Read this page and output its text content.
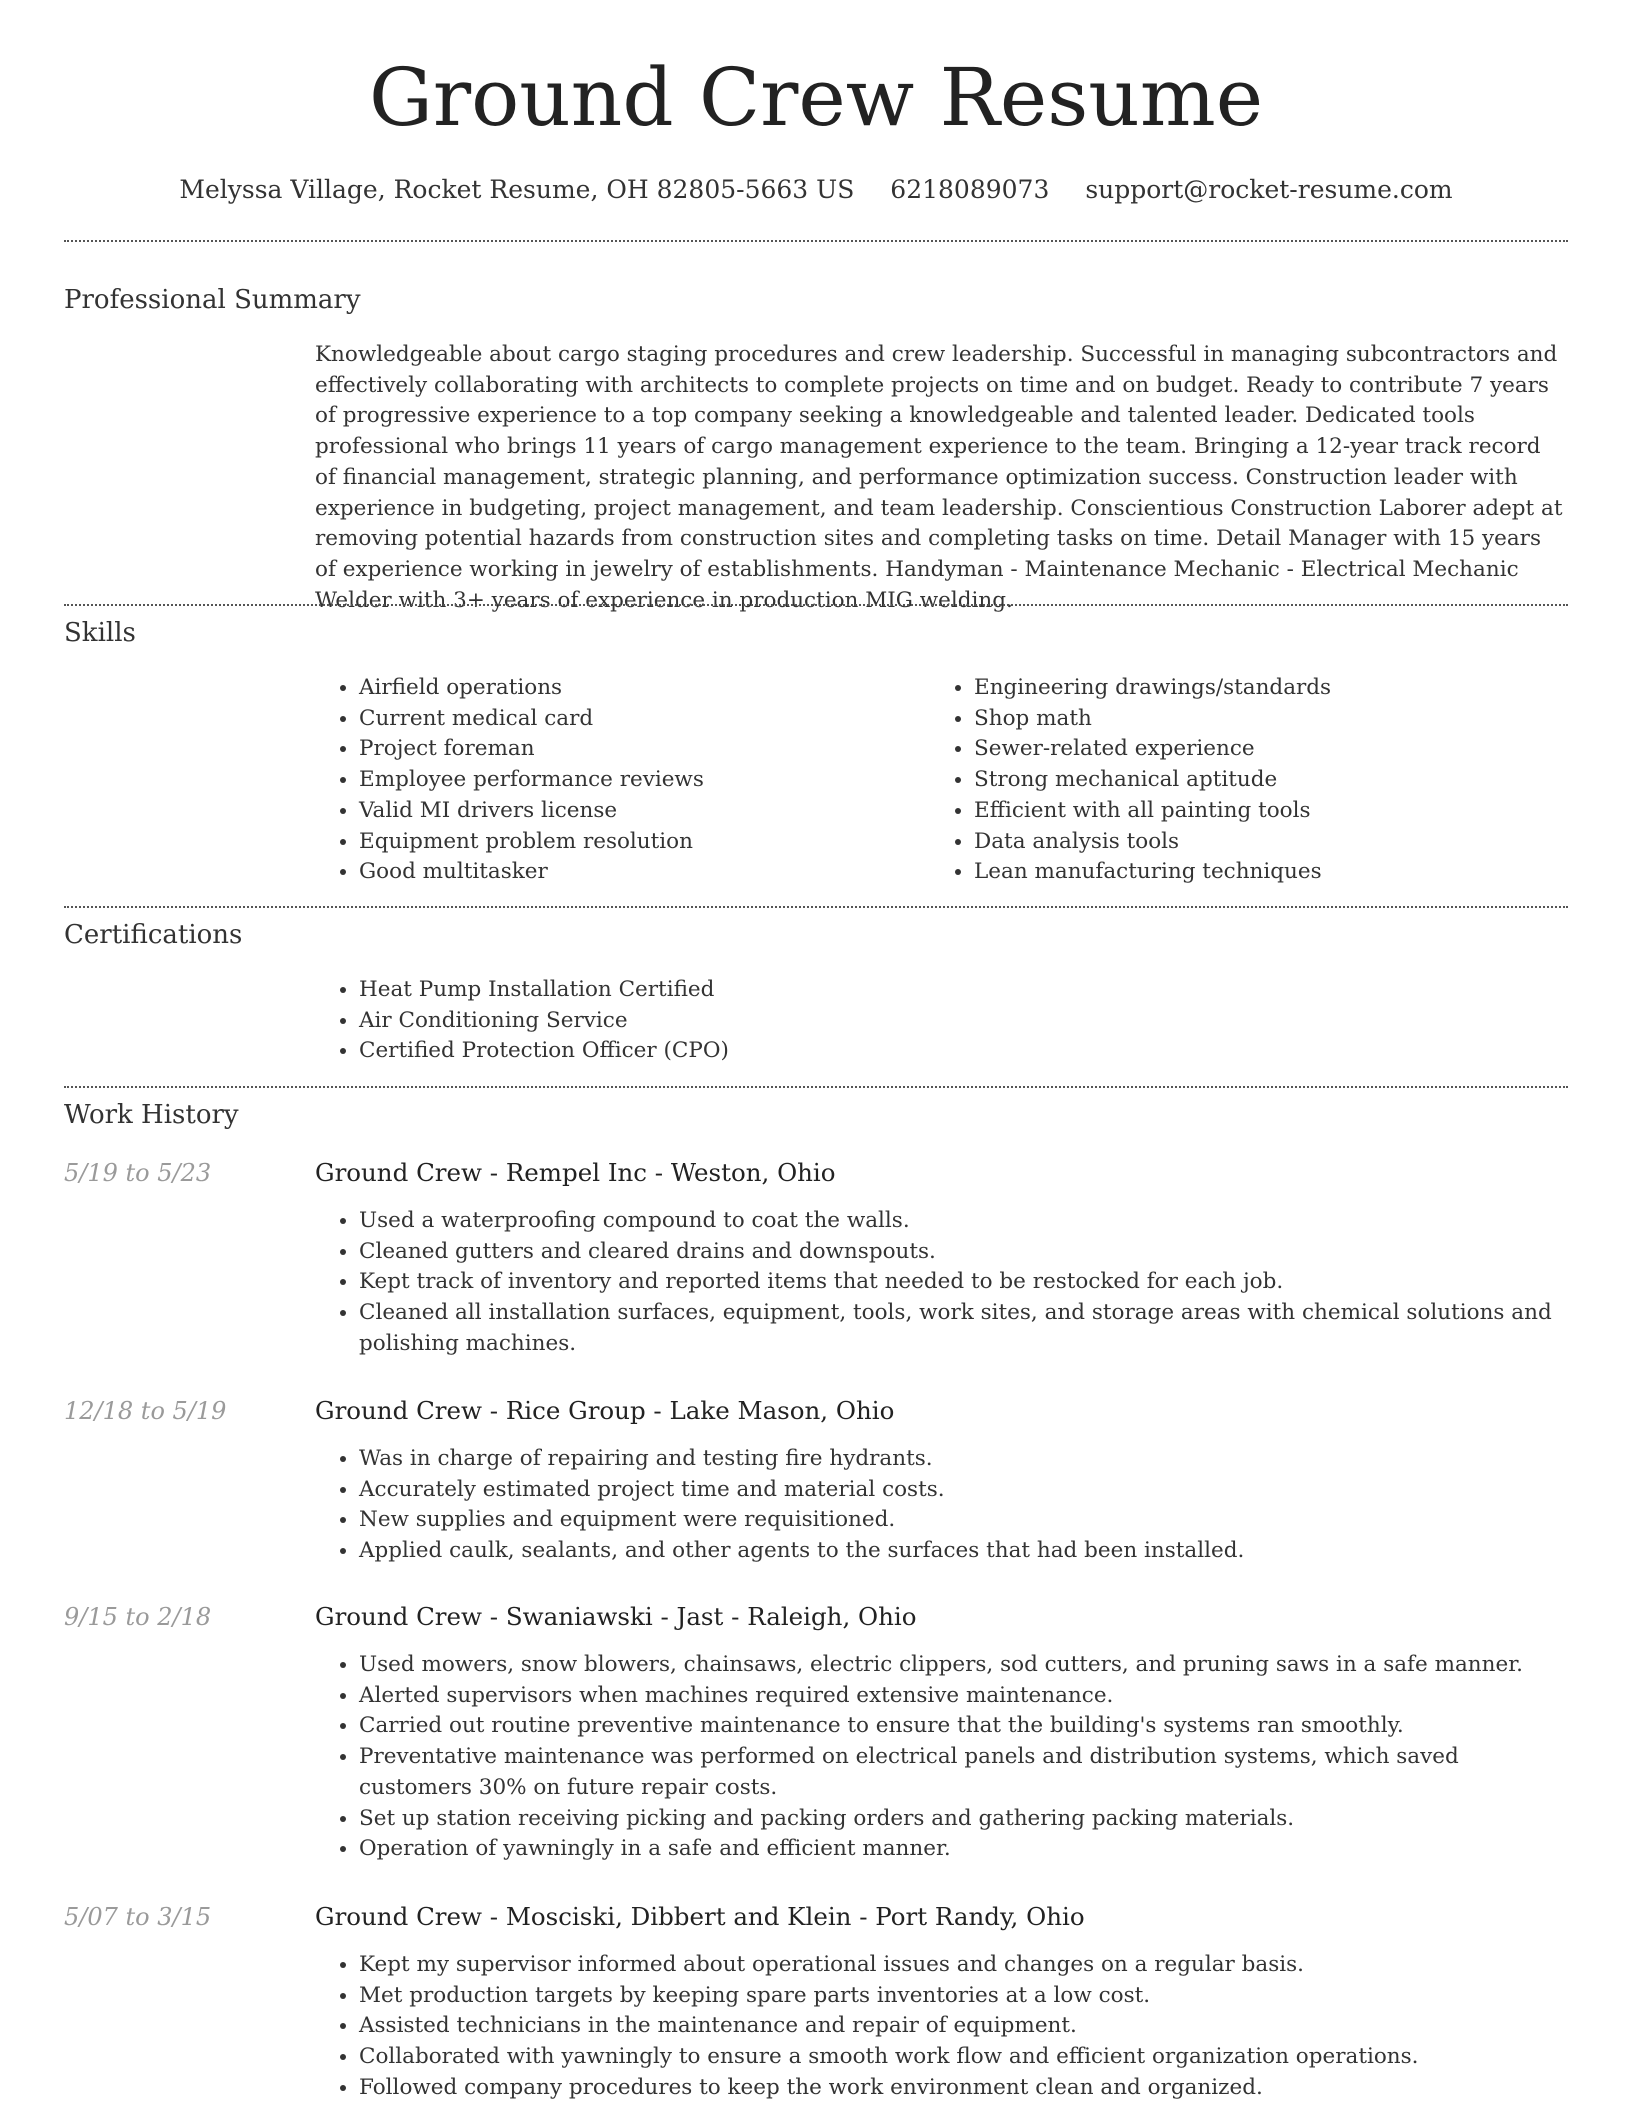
Ground Crew Resume
Melyssa Village, Rocket Resume, OH 82805-5663 US 6218089073 support@rocket-resume.com
Professional Summary

Knowledgeable about cargo staging procedures and crew leadership. Successful in managing subcontractors and effectively collaborating with architects to complete projects on time and on budget. Ready to contribute 7 years of progressive experience to a top company seeking a knowledgeable and talented leader. Dedicated tools professional who brings 11 years of cargo management experience to the team. Bringing a 12-year track record of financial management, strategic planning, and performance optimization success. Construction leader with experience in budgeting, project management, and team leadership. Conscientious Construction Laborer adept at removing potential hazards from construction sites and completing tasks on time. Detail Manager with 15 years of experience working in jewelry of establishments. Handyman - Maintenance Mechanic - Electrical Mechanic Welder with 3+ years of experience in production MIG welding.

Skills
• Airfield operations
• Current medical card
• Project foreman
• Employee performance reviews
• Valid MI drivers license
• Equipment problem resolution
• Good multitasker
• Engineering drawings/standards
• Shop math
• Sewer-related experience
• Strong mechanical aptitude
• Efficient with all painting tools
• Data analysis tools
• Lean manufacturing techniques
Certifications
• Heat Pump Installation Certified
• Air Conditioning Service
• Certified Protection Officer (CPO)
Work History
5/19 to 5/23	Ground Crew - Rempel Inc - Weston, Ohio
• Used a waterproofing compound to coat the walls.
• Cleaned gutters and cleared drains and downspouts.
• Kept track of inventory and reported items that needed to be restocked for each job.
• Cleaned all installation surfaces, equipment, tools, work sites, and storage areas with chemical solutions and polishing machines.
12/18 to 5/19	Ground Crew - Rice Group - Lake Mason, Ohio
• Was in charge of repairing and testing fire hydrants.
• Accurately estimated project time and material costs.
• New supplies and equipment were requisitioned.
• Applied caulk, sealants, and other agents to the surfaces that had been installed.
9/15 to 2/18	Ground Crew - Swaniawski - Jast - Raleigh, Ohio
• Used mowers, snow blowers, chainsaws, electric clippers, sod cutters, and pruning saws in a safe manner.
• Alerted supervisors when machines required extensive maintenance.
• Carried out routine preventive maintenance to ensure that the building's systems ran smoothly.
• Preventative maintenance was performed on electrical panels and distribution systems, which saved customers 30% on future repair costs.
• Set up station receiving picking and packing orders and gathering packing materials.
• Operation of yawningly in a safe and efficient manner.
5/07 to 3/15	Ground Crew - Mosciski, Dibbert and Klein - Port Randy, Ohio
• Kept my supervisor informed about operational issues and changes on a regular basis.
• Met production targets by keeping spare parts inventories at a low cost.
• Assisted technicians in the maintenance and repair of equipment.
• Collaborated with yawningly to ensure a smooth work flow and efficient organization operations.
• Followed company procedures to keep the work environment clean and organized.
